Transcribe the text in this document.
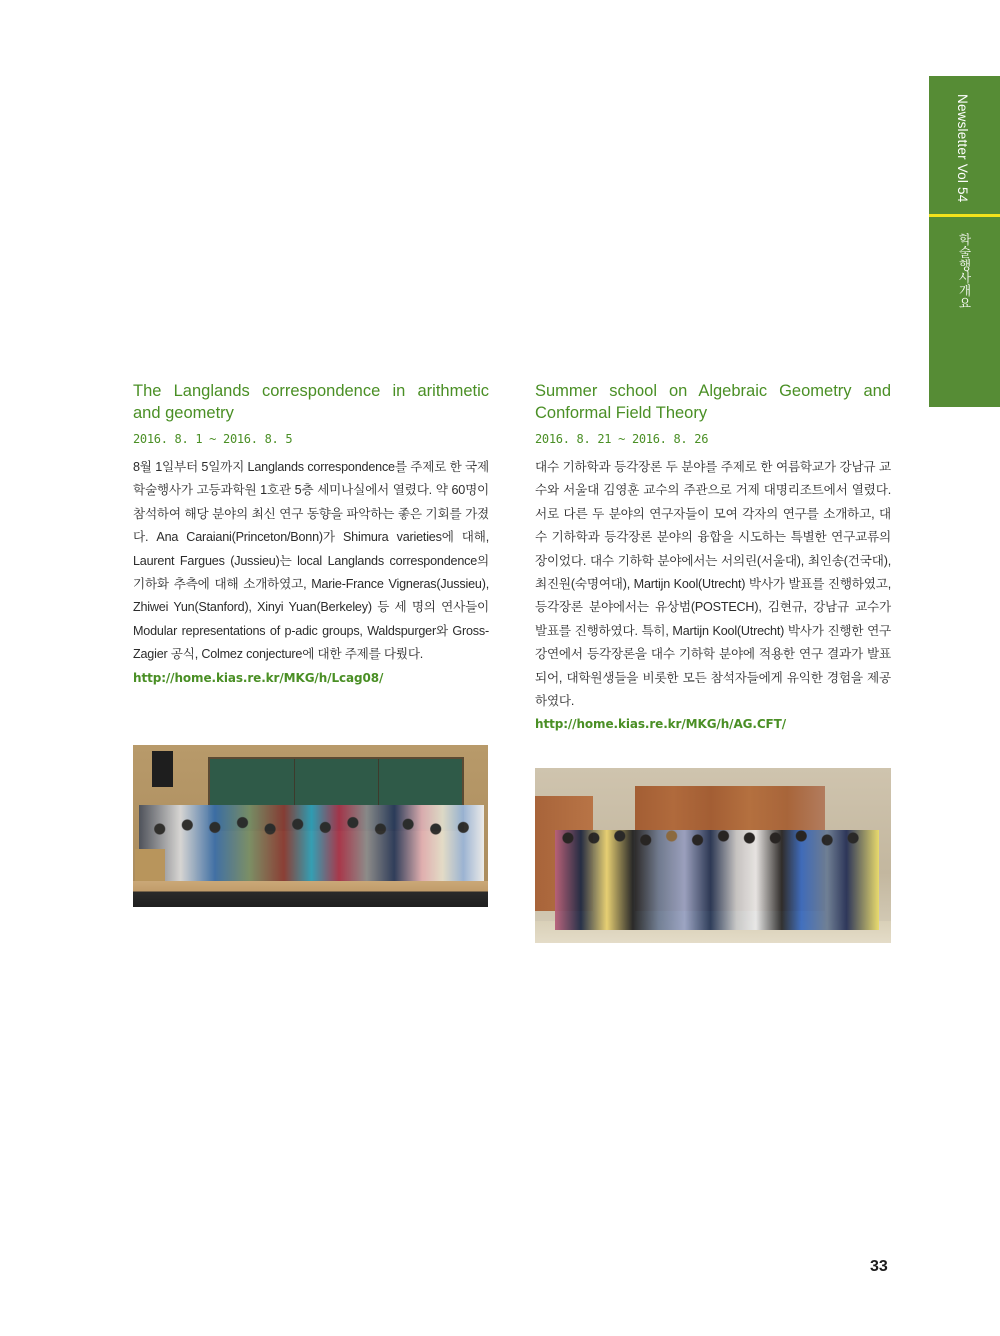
Newsletter Vol 54
학술행사개요
The Langlands correspondence in arithmetic and geometry
2016. 8. 1 ~ 2016. 8. 5
8월 1일부터 5일까지 Langlands correspondence를 주제로 한 국제 학술행사가 고등과학원 1호관 5층 세미나실에서 열렸다. 약 60명이 참석하여 해당 분야의 최신 연구 동향을 파악하는 좋은 기회를 가졌다. Ana Caraiani(Princeton/Bonn)가 Shimura varieties에 대해, Laurent Fargues (Jussieu)는 local Langlands correspondence의 기하화 추측에 대해 소개하였고, Marie-France Vigneras(Jussieu), Zhiwei Yun(Stanford), Xinyi Yuan(Berkeley) 등 세 명의 연사들이 Modular representations of p-adic groups, Waldspurger와 Gross-Zagier 공식, Colmez conjecture에 대한 주제를 다뤘다.
http://home.kias.re.kr/MKG/h/Lcag08/
Summer school on Algebraic Geometry and Conformal Field Theory
2016. 8. 21 ~ 2016. 8. 26
대수 기하학과 등각장론 두 분야를 주제로 한 여름학교가 강남규 교수와 서울대 김영훈 교수의 주관으로 거제 대명리조트에서 열렸다. 서로 다른 두 분야의 연구자들이 모여 각자의 연구를 소개하고, 대수 기하학과 등각장론 분야의 융합을 시도하는 특별한 연구교류의 장이었다. 대수 기하학 분야에서는 서의린(서울대), 최인송(건국대), 최진원(숙명여대), Martijn Kool(Utrecht) 박사가 발표를 진행하였고, 등각장론 분야에서는 유상범(POSTECH), 김현규, 강남규 교수가 발표를 진행하였다. 특히, Martijn Kool(Utrecht) 박사가 진행한 연구 강연에서 등각장론을 대수 기하학 분야에 적용한 연구 결과가 발표되어, 대학원생들을 비롯한 모든 참석자들에게 유익한 경험을 제공하였다.
http://home.kias.re.kr/MKG/h/AG.CFT/
33
